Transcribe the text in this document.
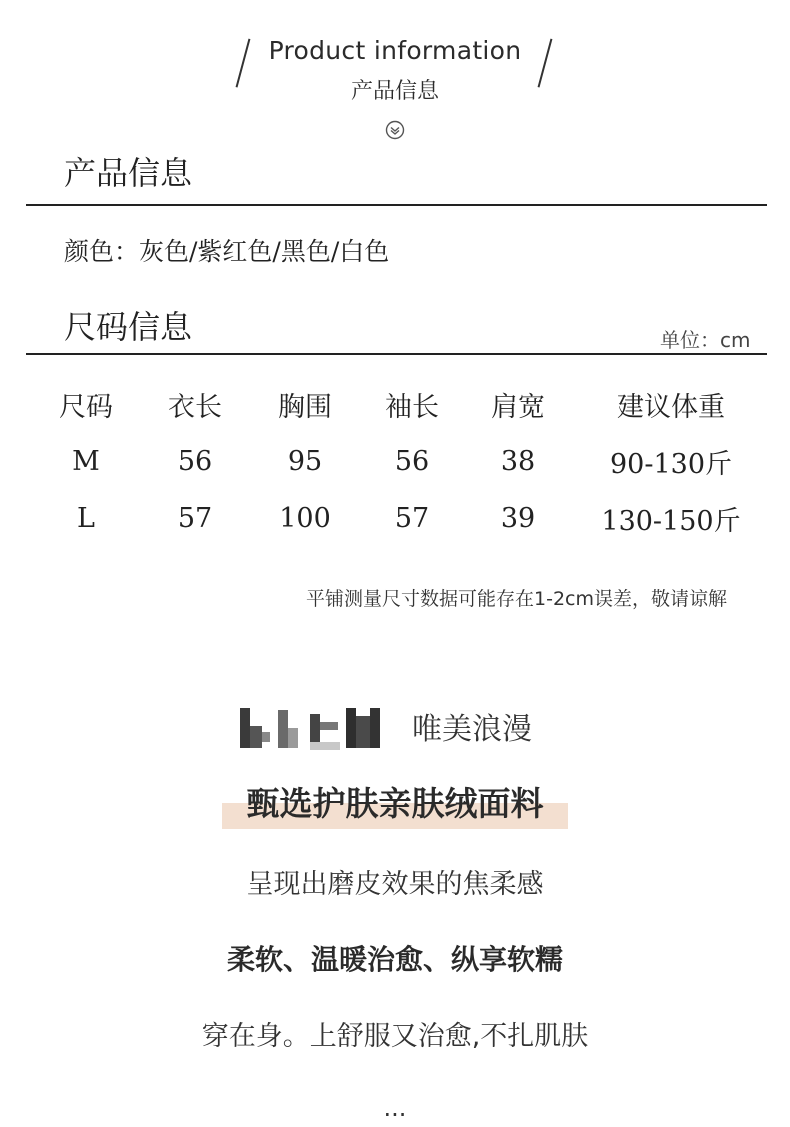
Product information
产品信息
产品信息
颜色：灰色/紫红色/黑色/白色
尺码信息	单位：cm
尺码	衣长	胸围	袖长	肩宽	建议体重
M	56	95	56	38	90-130斤
L	57	100	57	39	130-150斤
平铺测量尺寸数据可能存在1-2cm误差，敬请谅解
唯美浪漫
甄选护肤亲肤绒面料
呈现出磨皮效果的焦柔感
柔软、温暖治愈、纵享软糯
穿在身。上舒服又治愈,不扎肌肤
...
